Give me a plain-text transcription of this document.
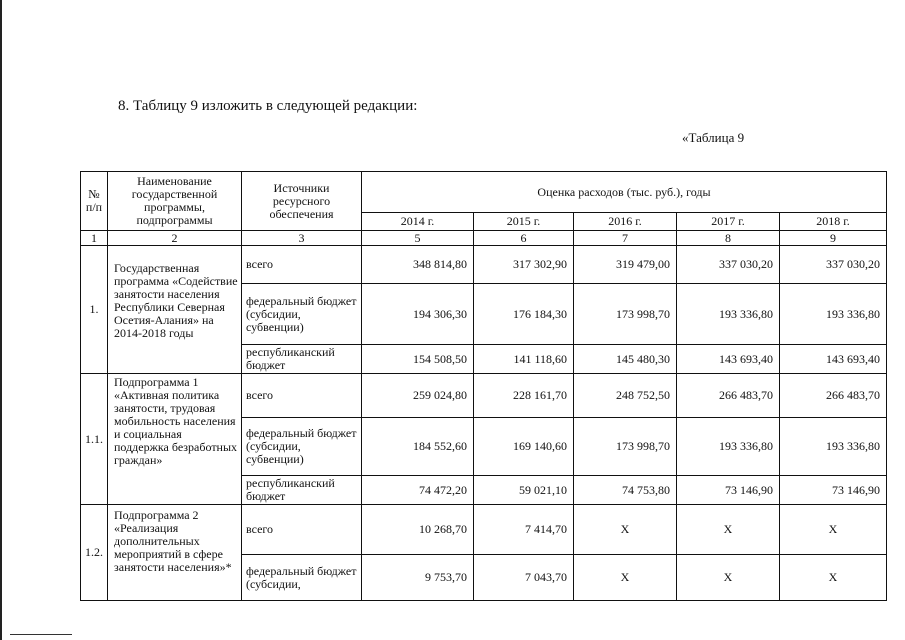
8. Таблицу 9 изложить в следующей редакции:
«Таблица 9
№ п/п	Наименование государственной программы, подпрограммы	Источники ресурсного обеспечения	Оценка расходов (тыс. руб.), годы				
			2014 г.	2015 г.	2016 г.	2017 г.	2018 г.
1	2	3	5	6	7	8	9
1.	Государственная программа «Содействие занятости населения Республики Северная Осетия-Алания» на 2014-2018 годы	всего	348 814,80	317 302,90	319 479,00	337 030,20	337 030,20
		федеральный бюджет (субсидии, субвенции)	194 306,30	176 184,30	173 998,70	193 336,80	193 336,80
		республиканский бюджет	154 508,50	141 118,60	145 480,30	143 693,40	143 693,40
1.1.	Подпрограмма 1 «Активная политика занятости, трудовая мобильность населения и социальная поддержка безработных граждан»	всего	259 024,80	228 161,70	248 752,50	266 483,70	266 483,70
		федеральный бюджет (субсидии, субвенции)	184 552,60	169 140,60	173 998,70	193 336,80	193 336,80
		республиканский бюджет	74 472,20	59 021,10	74 753,80	73 146,90	73 146,90
1.2.	Подпрограмма 2 «Реализация дополнительных мероприятий в сфере занятости населения»*	всего	10 268,70	7 414,70	X	X	X
		федеральный бюджет (субсидии,	9 753,70	7 043,70	X	X	X
